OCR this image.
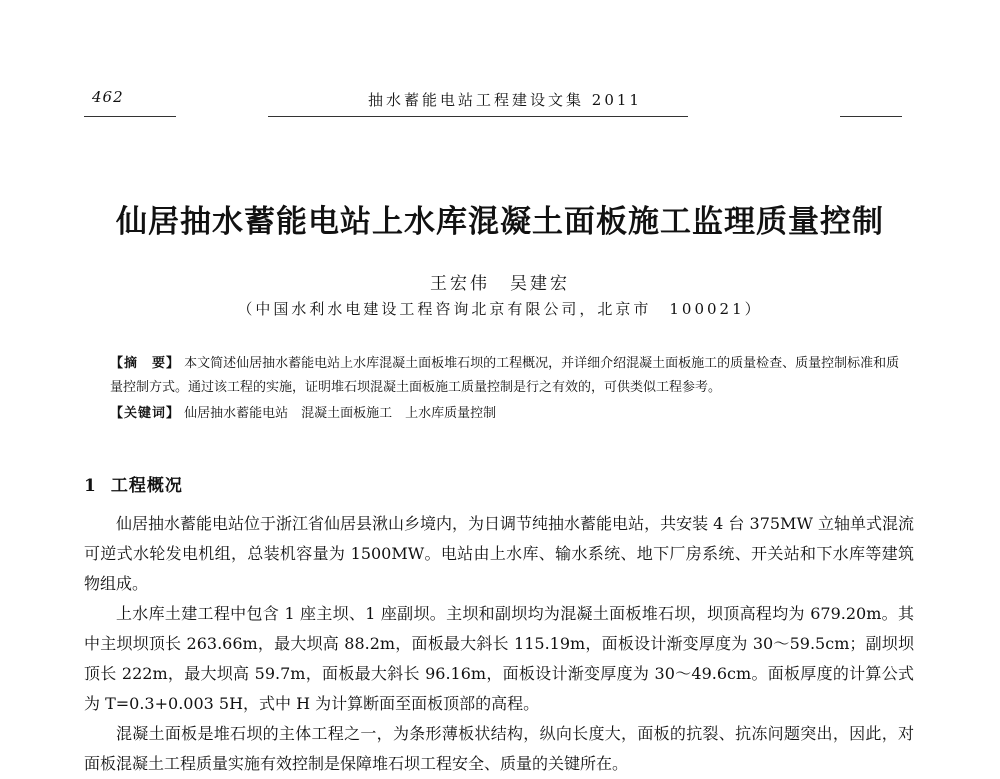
462	抽水蓄能电站工程建设文集 2011
仙居抽水蓄能电站上水库混凝土面板施工监理质量控制
王宏伟　吴建宏
（中国水利水电建设工程咨询北京有限公司，北京市　100021）
【摘　要】 本文简述仙居抽水蓄能电站上水库混凝土面板堆石坝的工程概况，并详细介绍混凝土面板施工的质量检查、质量控制标准和质量控制方式。通过该工程的实施，证明堆石坝混凝土面板施工质量控制是行之有效的，可供类似工程参考。
【关键词】 仙居抽水蓄能电站　混凝土面板施工　上水库质量控制
1 工程概况

仙居抽水蓄能电站位于浙江省仙居县湫山乡境内，为日调节纯抽水蓄能电站，共安装 4 台 375MW 立轴单式混流可逆式水轮发电机组，总装机容量为 1500MW。电站由上水库、输水系统、地下厂房系统、开关站和下水库等建筑物组成。

上水库土建工程中包含 1 座主坝、1 座副坝。主坝和副坝均为混凝土面板堆石坝，坝顶高程均为 679.20m。其中主坝坝顶长 263.66m，最大坝高 88.2m，面板最大斜长 115.19m，面板设计渐变厚度为 30～59.5cm；副坝坝顶长 222m，最大坝高 59.7m，面板最大斜长 96.16m，面板设计渐变厚度为 30～49.6cm。面板厚度的计算公式为 T=0.3+0.003 5H，式中 H 为计算断面至面板顶部的高程。

混凝土面板是堆石坝的主体工程之一，为条形薄板状结构，纵向长度大，面板的抗裂、抗冻问题突出，因此，对面板混凝土工程质量实施有效控制是保障堆石坝工程安全、质量的关键所在。
